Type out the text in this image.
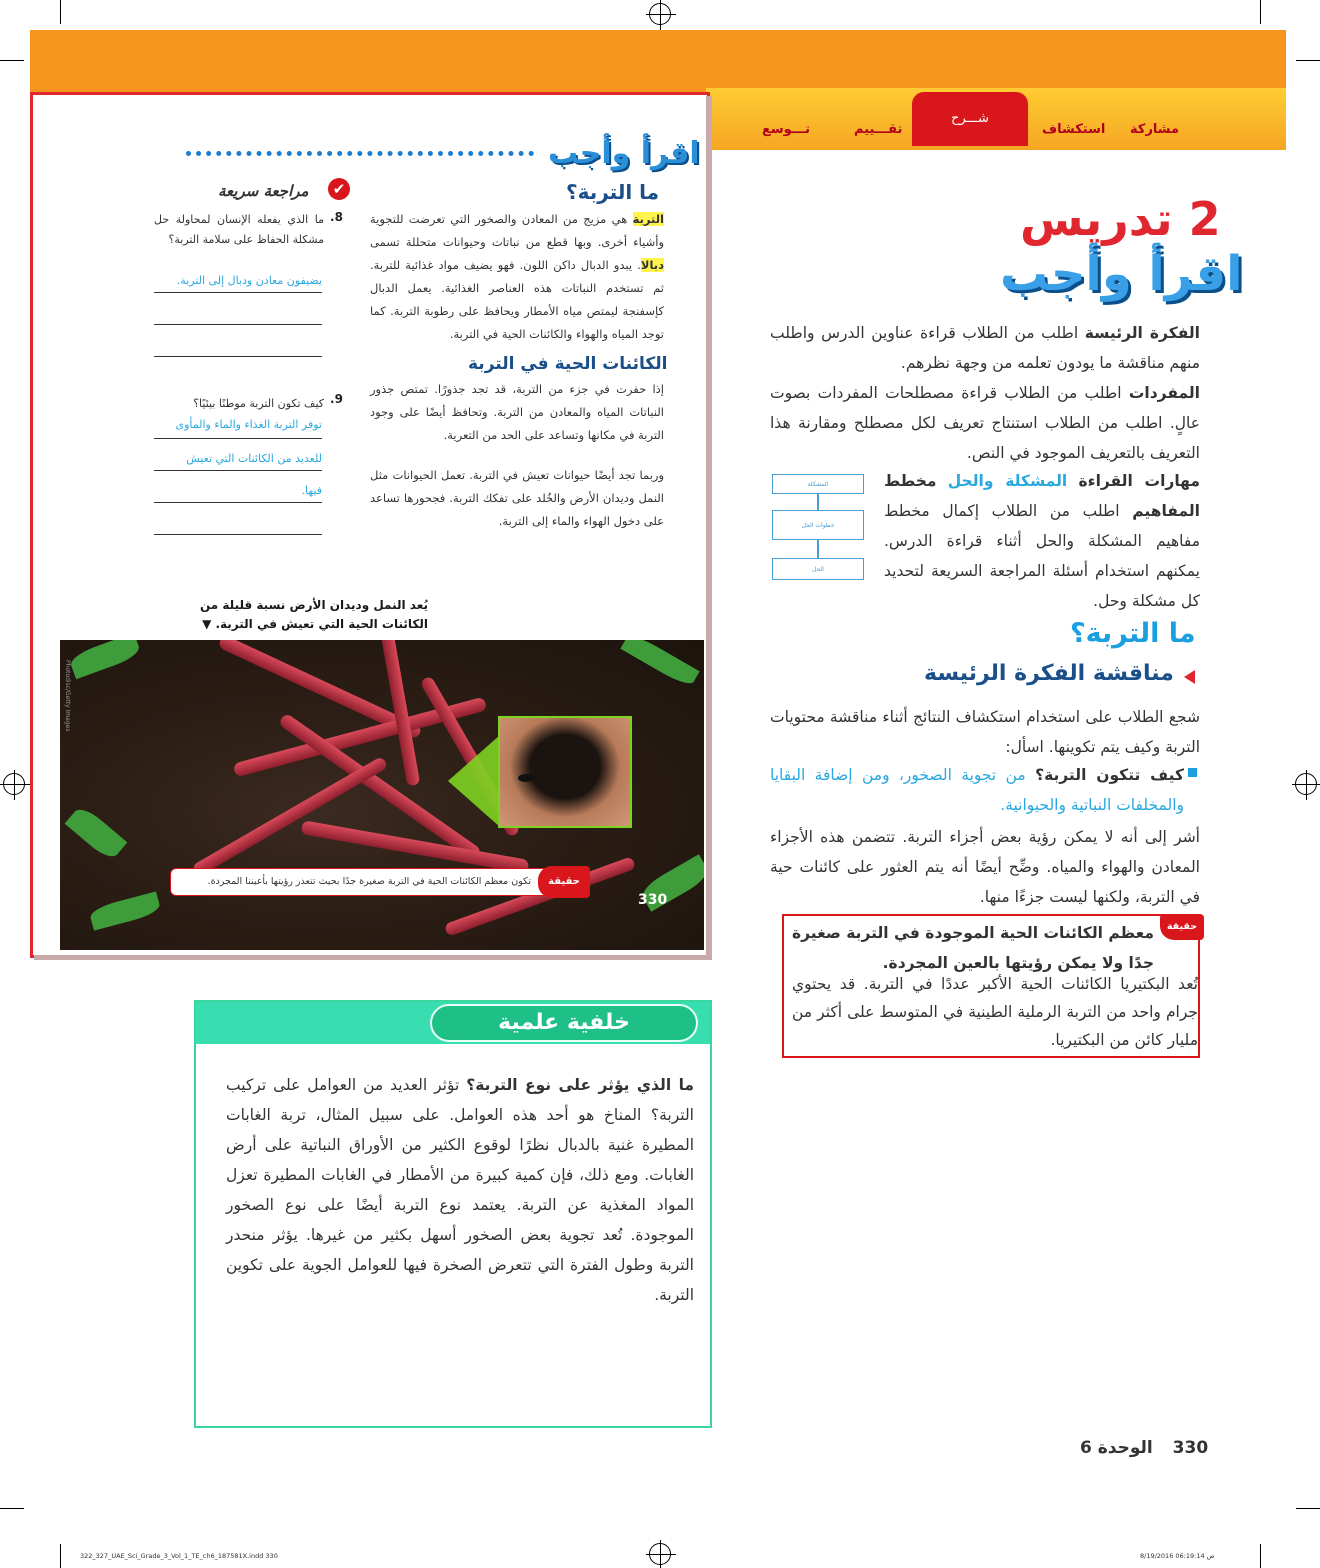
مشاركة
استكشاف
شـــرح
تقـــييم
تـــوسع
اقرأ وأجب
ما التربة؟
التربة هي مزيج من المعادن والصخور التي تعرضت للتجوية وأشياء أخرى. وبها قطع من نباتات وحيوانات متحللة تسمى دبالا. يبدو الدبال داكن اللون. فهو يضيف مواد غذائية للتربة. ثم تستخدم النباتات هذه العناصر الغذائية. يعمل الدبال كإسفنجة ليمتص مياه الأمطار ويحافظ على رطوبة التربة. كما توجد المياه والهواء والكائنات الحية في التربة.
الكائنات الحية في التربة
إذا حفرت في جزء من التربة، قد تجد جذورًا. تمتص جذور النباتات المياه والمعادن من التربة. وتحافظ أيضًا على وجود التربة في مكانها وتساعد على الحد من التعرية.
وربما تجد أيضًا حيوانات تعيش في التربة. تعمل الحيوانات مثل النمل وديدان الأرض والخُلد على تفكك التربة. فجحورها تساعد على دخول الهواء والماء إلى التربة.
✔
مراجعة سريعة
8.
ما الذي يفعله الإنسان لمحاولة حل مشكلة الحفاظ على سلامة التربة؟
يضيفون معادن ودبال إلى التربة.
9.
كيف تكون التربة موطنًا بيئيًا؟
توفر التربة الغذاء والماء والمأوى
للعديد من الكائنات التي تعيش
فيها.
يُعد النمل وديدان الأرض نسبة قليلة من الكائنات الحية التي تعيش في التربة. ▼
Photodisc/Getty Images
تكون معظم الكائنات الحية في التربة صغيرة جدًا بحيث تتعذر رؤيتها بأعيننا المجردة.	حقيقة
330
2 تدريس
اقرأ وأجب
الفكرة الرئيسة اطلب من الطلاب قراءة عناوين الدرس واطلب منهم مناقشة ما يودون تعلمه من وجهة نظرهم.
المفردات اطلب من الطلاب قراءة مصطلحات المفردات بصوت عالٍ. اطلب من الطلاب استنتاج تعريف لكل مصطلح ومقارنة هذا التعريف بالتعريف الموجود في النص.
مهارات القراءة المشكلة والحل مخطط المفاهيم اطلب من الطلاب إكمال مخطط مفاهيم المشكلة والحل أثناء قراءة الدرس. يمكنهم استخدام أسئلة المراجعة السريعة لتحديد كل مشكلة وحل.
المشكلة
خطوات الحل
الحل
ما التربة؟
مناقشة الفكرة الرئيسة
شجع الطلاب على استخدام استكشاف النتائج أثناء مناقشة محتويات التربة وكيف يتم تكوينها. اسأل:
كيف تتكون التربة؟ من تجوية الصخور، ومن إضافة البقايا والمخلفات النباتية والحيوانية.
أشر إلى أنه لا يمكن رؤية بعض أجزاء التربة. تتضمن هذه الأجزاء المعادن والهواء والمياه. وضِّح أيضًا أنه يتم العثور على كائنات حية في التربة، ولكنها ليست جزءًا منها.
حقيقة
معظم الكائنات الحية الموجودة في التربة صغيرة جدًا ولا يمكن رؤيتها بالعين المجردة.
تُعد البكتيريا الكائنات الحية الأكبر عددًا في التربة. قد يحتوي جرام واحد من التربة الرملية الطينية في المتوسط على أكثر من مليار كائن من البكتيريا.
خلفية علمية
ما الذي يؤثر على نوع التربة؟ تؤثر العديد من العوامل على تركيب التربة؟ المناخ هو أحد هذه العوامل. على سبيل المثال، تربة الغابات المطيرة غنية بالدبال نظرًا لوقوع الكثير من الأوراق النباتية على أرض الغابات. ومع ذلك، فإن كمية كبيرة من الأمطار في الغابات المطيرة تعزل المواد المغذية عن التربة. يعتمد نوع التربة أيضًا على نوع الصخور الموجودة. تُعد تجوية بعض الصخور أسهل بكثير من غيرها. يؤثر منحدر التربة وطول الفترة التي تتعرض الصخرة فيها للعوامل الجوية على تكوين التربة.
330 الوحدة 6
322_327_UAE_Sci_Grade_3_Vol_1_TE_ch6_187581X.indd 330	8/19/2016 06:19:14 ص
